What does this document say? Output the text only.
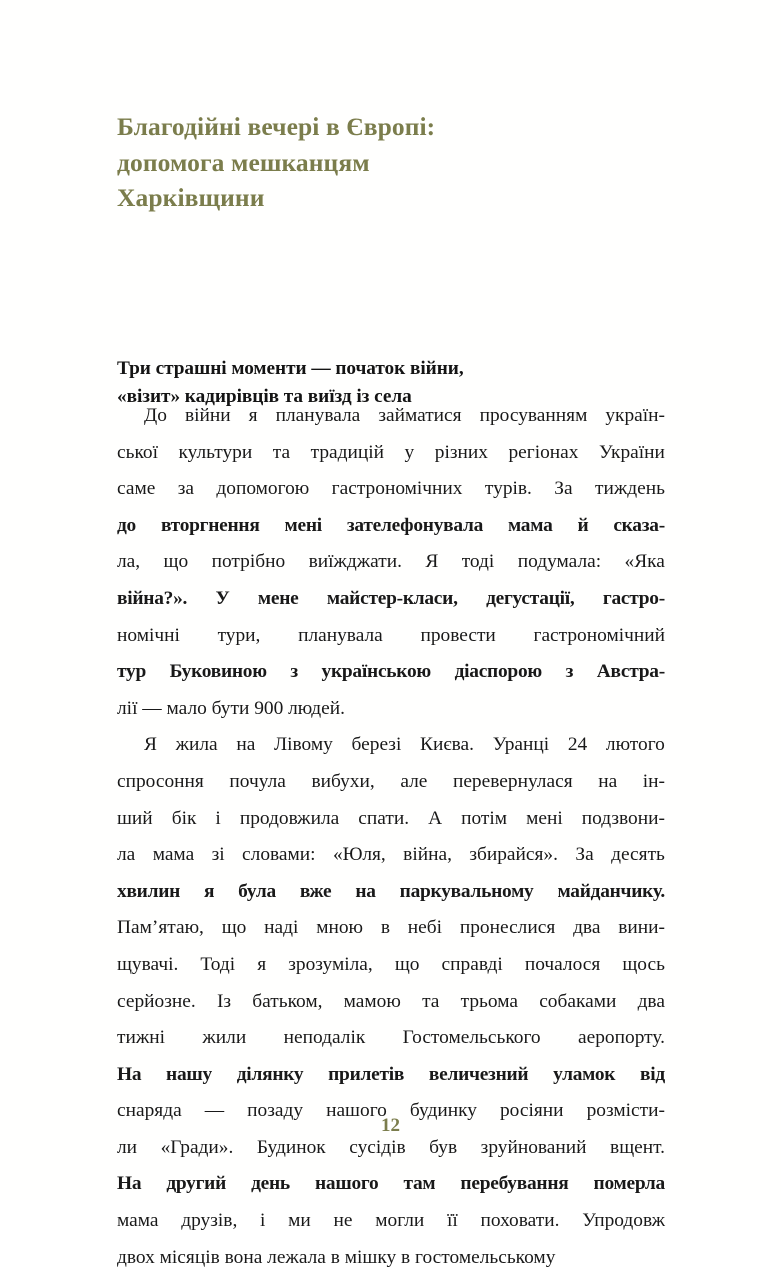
Благодійні вечері в Європі:
допомога мешканцям
Харківщини
Три страшні моменти — початок війни,
«візит» кадирівців та виїзд із села
До війни я планувала займатися просуванням україн-
ської культури та традицій у різних регіонах України
саме за допомогою гастрономічних турів. За тиждень
до вторгнення мені зателефонувала мама й сказа-
ла, що потрібно виїжджати. Я тоді подумала: «Яка
війна?». У мене майстер-класи, дегустації, гастро-
номічні тури, планувала провести гастрономічний
тур Буковиною з українською діаспорою з Австра-
лії — мало бути 900 людей.
Я жила на Лівому березі Києва. Уранці 24 лютого
спросоння почула вибухи, але перевернулася на ін-
ший бік і продовжила спати. А потім мені подзвони-
ла мама зі словами: «Юля, війна, збирайся». За десять
хвилин я була вже на паркувальному майданчику.
Пам’ятаю, що наді мною в небі пронеслися два вини-
щувачі. Тоді я зрозуміла, що справді почалося щось
серйозне. Із батьком, мамою та трьома собаками два
тижні жили неподалік Гостомельського аеропорту.
На нашу ділянку прилетів величезний уламок від
снаряда — позаду нашого будинку росіяни розмісти-
ли «Гради». Будинок сусідів був зруйнований вщент.
На другий день нашого там перебування померла
мама друзів, і ми не могли її поховати. Упродовж
двох місяців вона лежала в мішку в гостомельському
12
